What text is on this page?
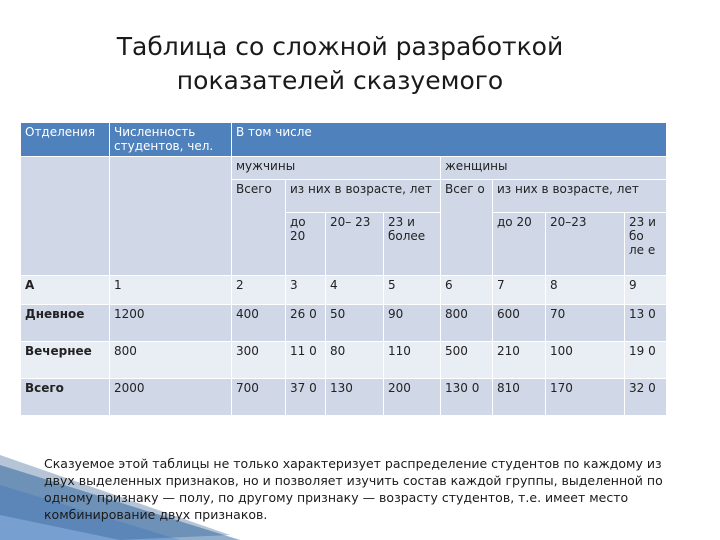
Таблица со сложной разработкой
показателей сказуемого
Отделения	Численность студентов, чел.	В том числе							
		мужчины				женщины			
		Всего	из них в возрасте, лет			Всег о	из них в возрасте, лет		
			до 20	20– 23	23 и более		до 20	20–23	23 и бо ле е
А	1	2	3	4	5	6	7	8	9
Дневное	1200	400	26 0	50	90	800	600	70	13 0
Вечернее	800	300	11 0	80	110	500	210	100	19 0
Всего	2000	700	37 0	130	200	130 0	810	170	32 0
Сказуемое этой таблицы не только характеризует распределение студентов по каждому из двух выделенных признаков, но и позволяет изучить состав каждой группы, выделенной по одному признаку — полу, по другому признаку — возрасту студентов, т.е. имеет место комбинирование двух признаков.
